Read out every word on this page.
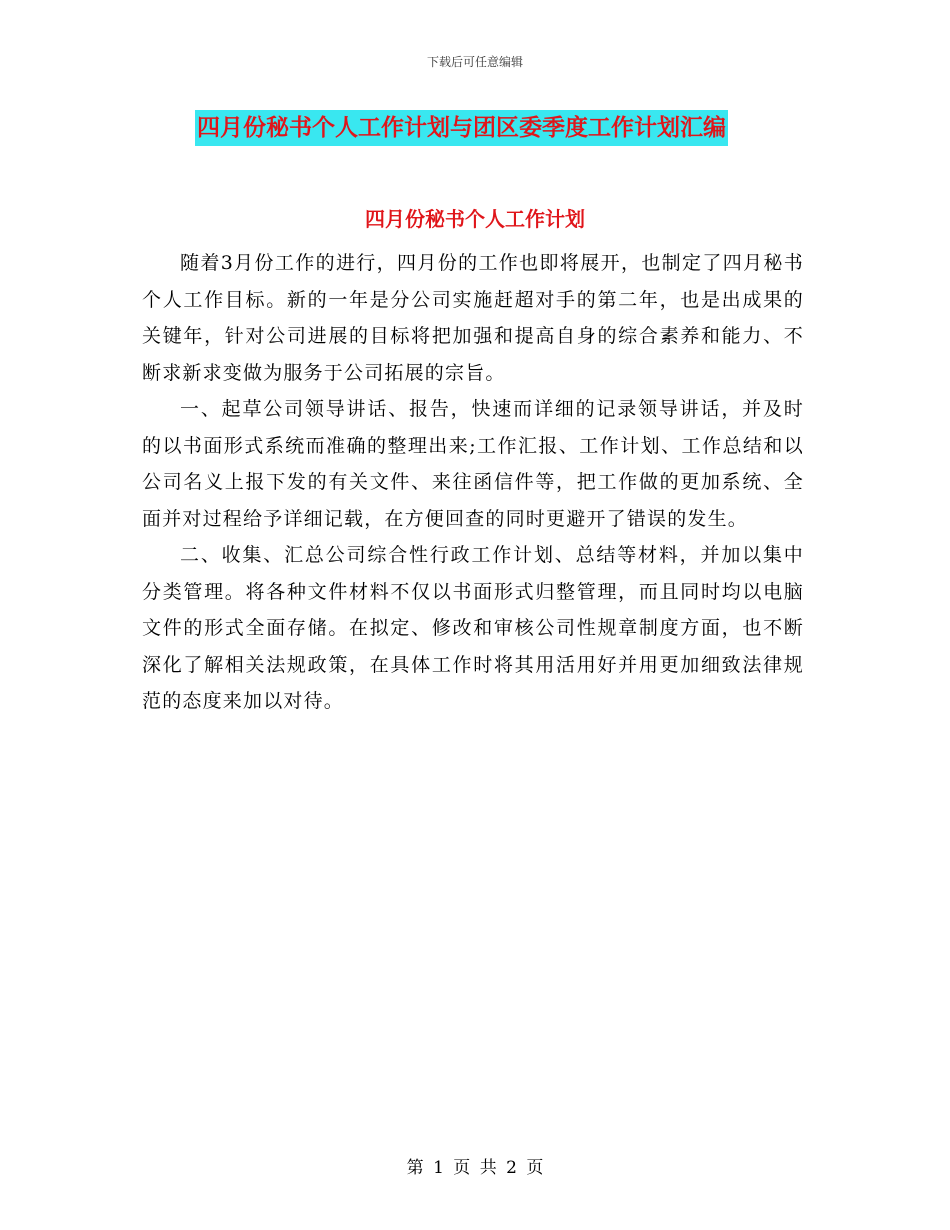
下载后可任意编辑
四月份秘书个人工作计划与团区委季度工作计划汇编
四月份秘书个人工作计划

随着3月份工作的进行，四月份的工作也即将展开，也制定了四月秘书个人工作目标。新的一年是分公司实施赶超对手的第二年，也是出成果的关键年，针对公司进展的目标将把加强和提高自身的综合素养和能力、不断求新求变做为服务于公司拓展的宗旨。

一、起草公司领导讲话、报告，快速而详细的记录领导讲话，并及时的以书面形式系统而准确的整理出来;工作汇报、工作计划、工作总结和以公司名义上报下发的有关文件、来往函信件等，把工作做的更加系统、全面并对过程给予详细记载，在方便回查的同时更避开了错误的发生。

二、收集、汇总公司综合性行政工作计划、总结等材料，并加以集中分类管理。将各种文件材料不仅以书面形式归整管理，而且同时均以电脑文件的形式全面存储。在拟定、修改和审核公司性规章制度方面，也不断深化了解相关法规政策，在具体工作时将其用活用好并用更加细致法律规范的态度来加以对待。

第 1 页 共 2 页
